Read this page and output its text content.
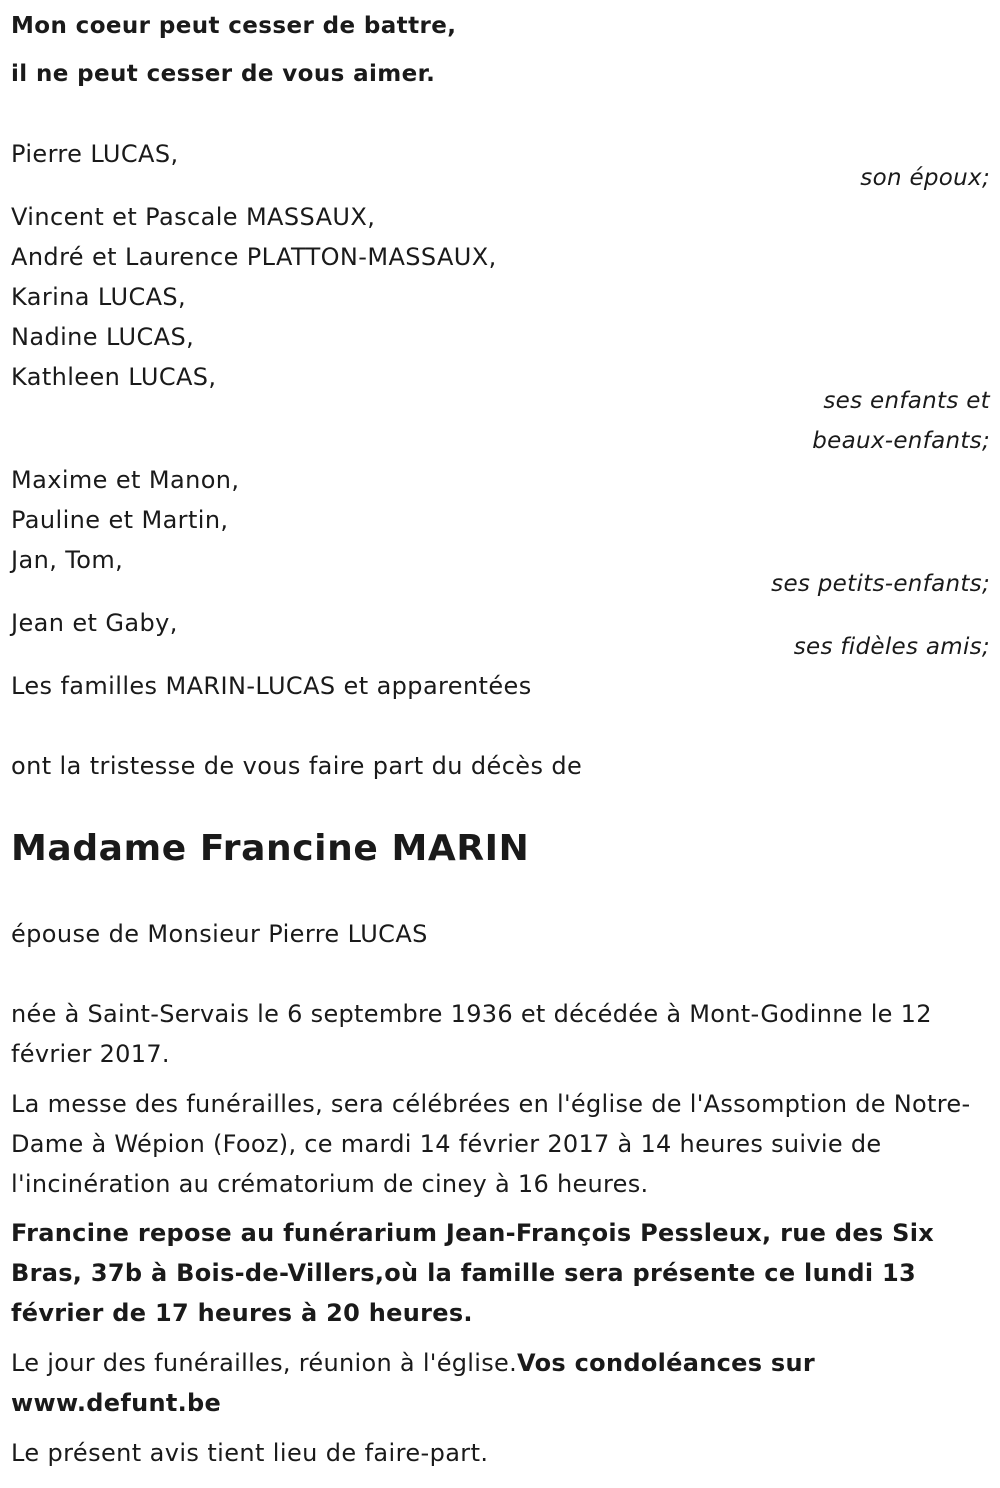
Mon coeur peut cesser de battre,
il ne peut cesser de vous aimer.
Pierre LUCAS,
son époux;
Vincent et Pascale MASSAUX,
André et Laurence PLATTON-MASSAUX,
Karina LUCAS,
Nadine LUCAS,
Kathleen LUCAS,
ses enfants et
beaux-enfants;
Maxime et Manon,
Pauline et Martin,
Jan, Tom,
ses petits-enfants;
Jean et Gaby,
ses fidèles amis;
Les familles MARIN-LUCAS et apparentées
ont la tristesse de vous faire part du décès de
Madame Francine MARIN
épouse de Monsieur Pierre LUCAS
née à Saint-Servais le 6 septembre 1936 et décédée à Mont-Godinne le 12 février 2017.
La messe des funérailles, sera célébrées en l'église de l'Assomption de Notre-Dame à Wépion (Fooz), ce mardi 14 février 2017 à 14 heures suivie de l'incinération au crématorium de ciney à 16 heures.
Francine repose au funérarium Jean-François Pessleux, rue des Six Bras, 37b à Bois-de-Villers,où la famille sera présente ce lundi 13 février de 17 heures à 20 heures.
Le jour des funérailles, réunion à l'église.Vos condoléances sur www.defunt.be
Le présent avis tient lieu de faire-part.
